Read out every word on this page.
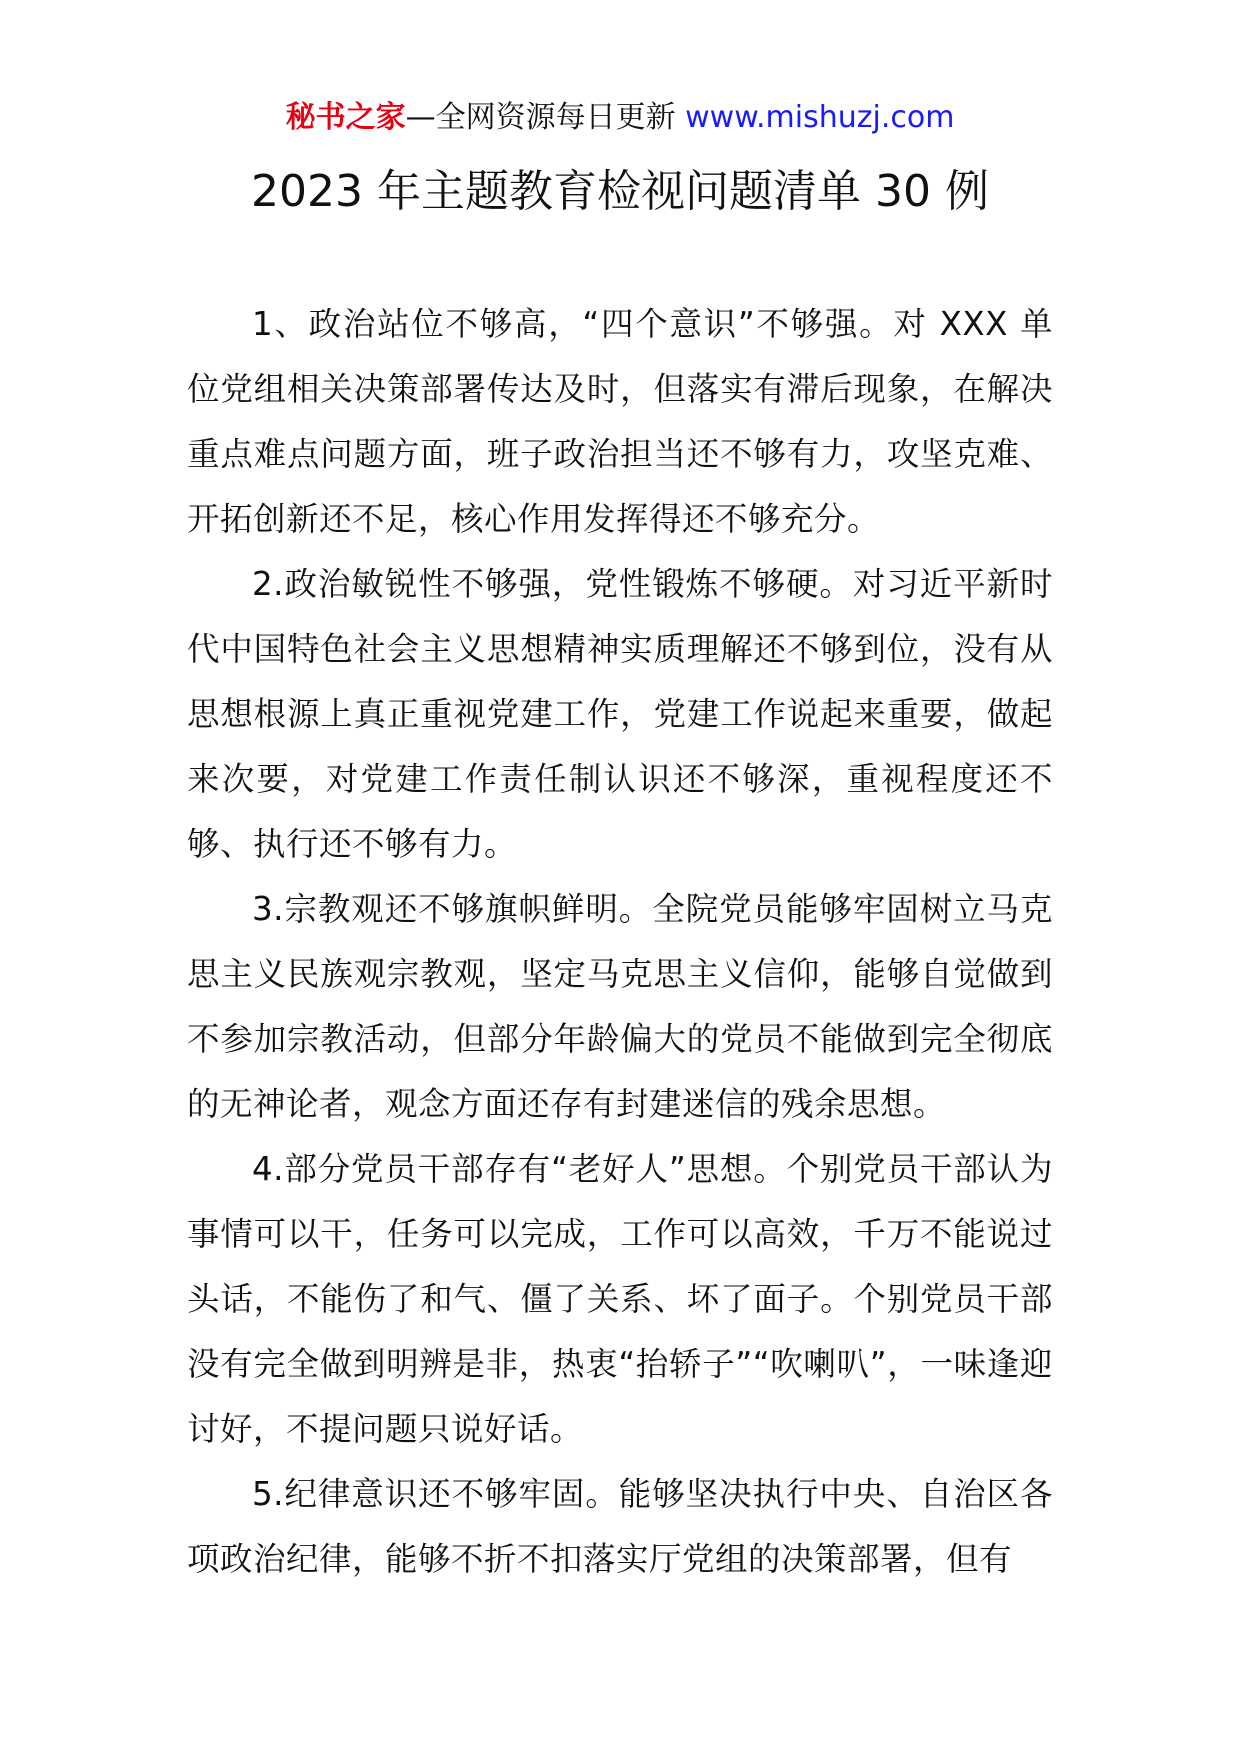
秘书之家—全网资源每日更新 www.mishuzj.com
2023 年主题教育检视问题清单 30 例

1、政治站位不够高，“四个意识”不够强。对 XXX 单位党组相关决策部署传达及时，但落实有滞后现象，在解决重点难点问题方面，班子政治担当还不够有力，攻坚克难、开拓创新还不足，核心作用发挥得还不够充分。

2.政治敏锐性不够强，党性锻炼不够硬。对习近平新时代中国特色社会主义思想精神实质理解还不够到位，没有从思想根源上真正重视党建工作，党建工作说起来重要，做起来次要，对党建工作责任制认识还不够深，重视程度还不够、执行还不够有力。

3.宗教观还不够旗帜鲜明。全院党员能够牢固树立马克思主义民族观宗教观，坚定马克思主义信仰，能够自觉做到不参加宗教活动，但部分年龄偏大的党员不能做到完全彻底的无神论者，观念方面还存有封建迷信的残余思想。

4.部分党员干部存有“老好人”思想。个别党员干部认为事情可以干，任务可以完成，工作可以高效，千万不能说过头话，不能伤了和气、僵了关系、坏了面子。个别党员干部没有完全做到明辨是非，热衷“抬轿子”“吹喇叭”，一味逢迎讨好，不提问题只说好话。

5.纪律意识还不够牢固。能够坚决执行中央、自治区各项政治纪律，能够不折不扣落实厅党组的决策部署，但有
